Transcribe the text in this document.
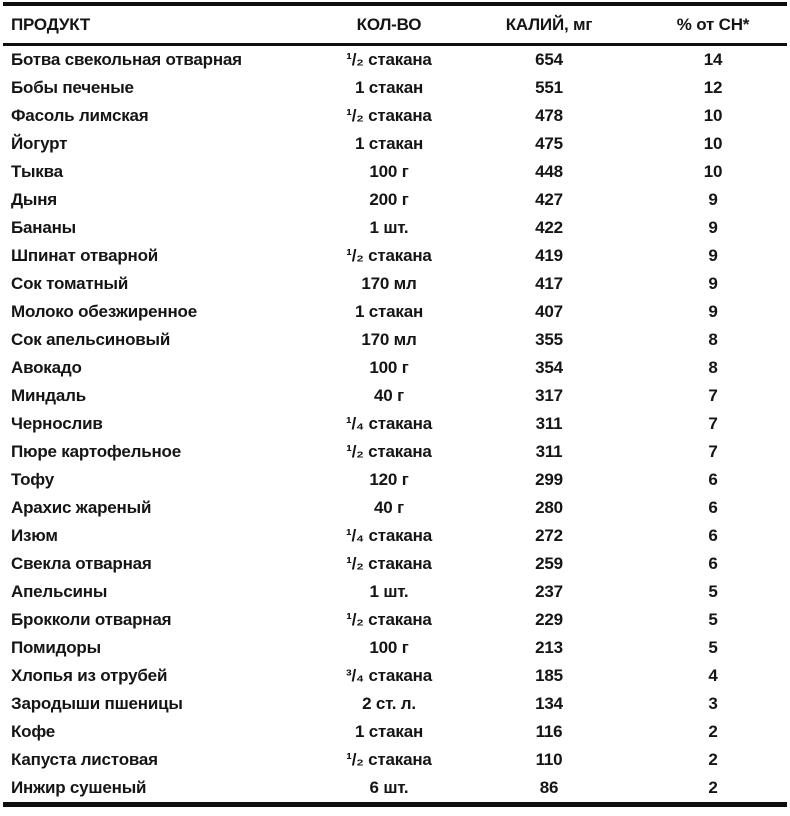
ПРОДУКТ	КОЛ-ВО	КАЛИЙ, мг	% от СН*
Ботва свекольная отварная	¹/₂ стакана	654	14
Бобы печеные	1 стакан	551	12
Фасоль лимская	¹/₂ стакана	478	10
Йогурт	1 стакан	475	10
Тыква	100 г	448	10
Дыня	200 г	427	9
Бананы	1 шт.	422	9
Шпинат отварной	¹/₂ стакана	419	9
Сок томатный	170 мл	417	9
Молоко обезжиренное	1 стакан	407	9
Сок апельсиновый	170 мл	355	8
Авокадо	100 г	354	8
Миндаль	40 г	317	7
Чернослив	¹/₄ стакана	311	7
Пюре картофельное	¹/₂ стакана	311	7
Тофу	120 г	299	6
Арахис жареный	40 г	280	6
Изюм	¹/₄ стакана	272	6
Свекла отварная	¹/₂ стакана	259	6
Апельсины	1 шт.	237	5
Брокколи отварная	¹/₂ стакана	229	5
Помидоры	100 г	213	5
Хлопья из отрубей	³/₄ стакана	185	4
Зародыши пшеницы	2 ст. л.	134	3
Кофе	1 стакан	116	2
Капуста листовая	¹/₂ стакана	110	2
Инжир сушеный	6 шт.	86	2
